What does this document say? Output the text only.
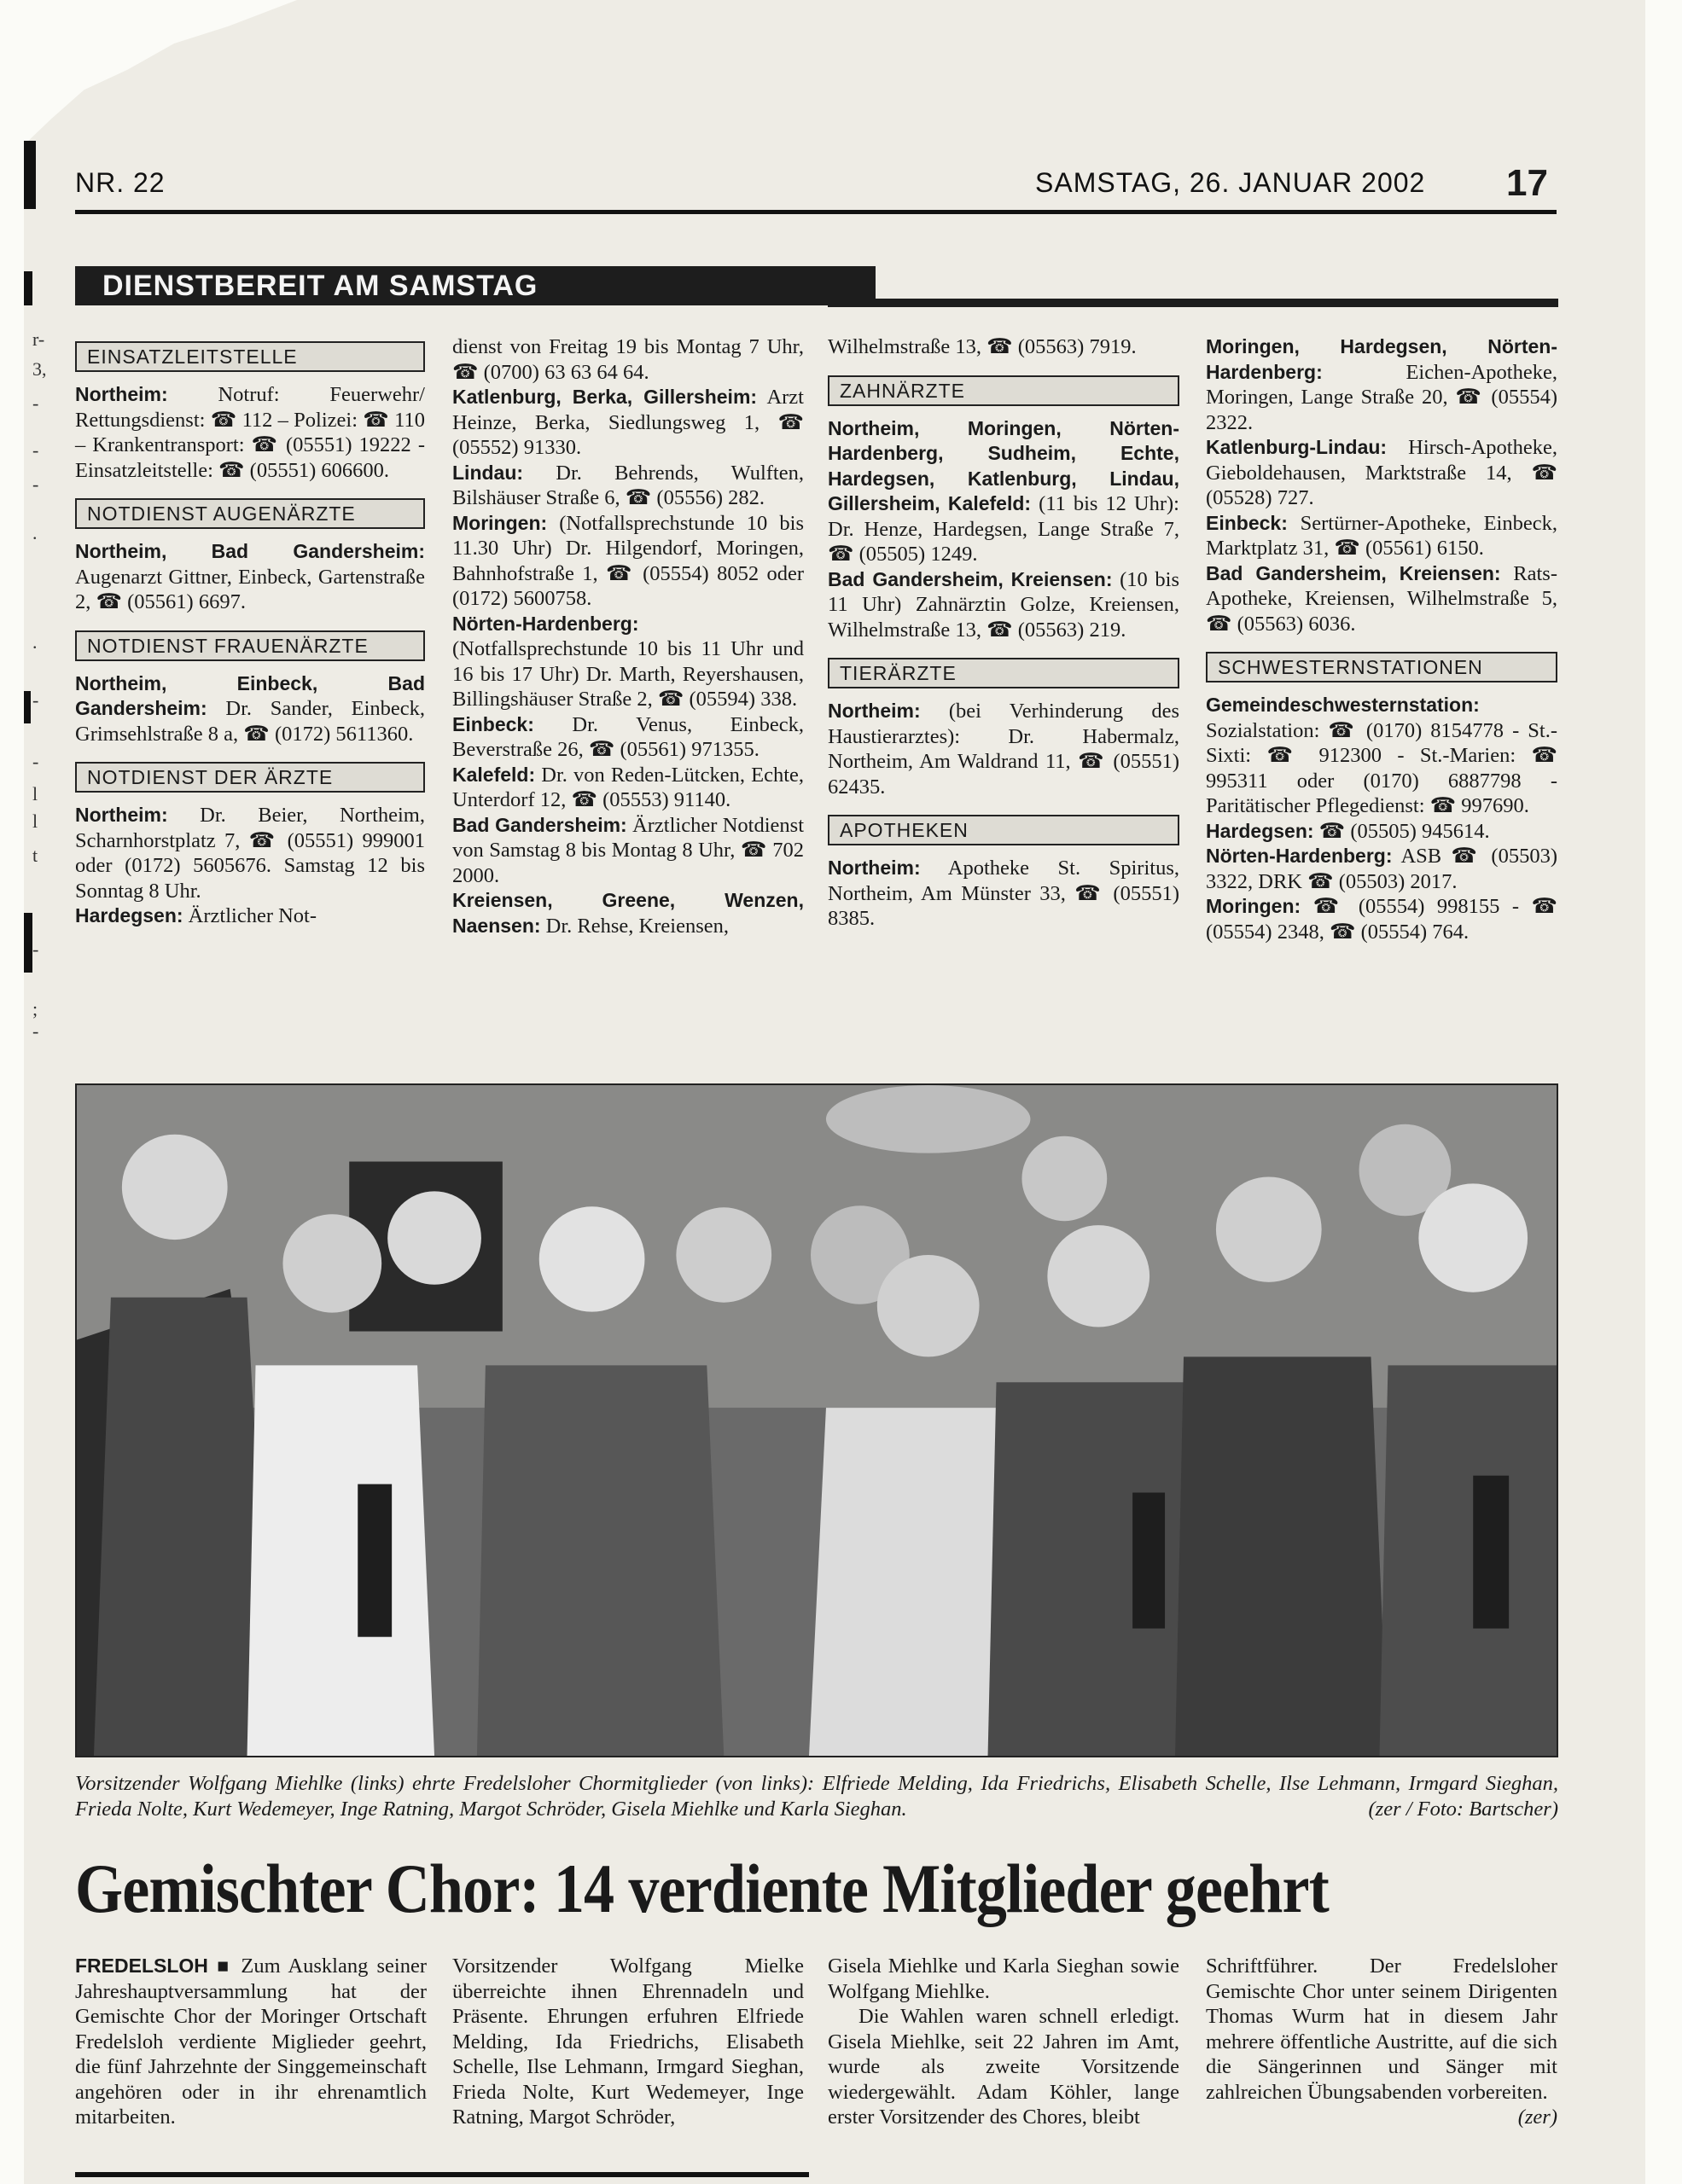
r-
3,
-
-
-
.
.
-
-
l
l
t
-
;
-
NR. 22	SAMSTAG, 26. JANUAR 2002 17
DIENSTBEREIT AM SAMSTAG
EINSATZLEITSTELLE

Northeim: Notruf: Feuerwehr/ Rettungsdienst: ☎ 112 – Polizei: ☎ 110 – Krankentransport: ☎ (05551) 19222 - Einsatzleitstelle: ☎ (05551) 606600.

NOTDIENST AUGENÄRZTE

Northeim, Bad Gandersheim: Augenarzt Gittner, Einbeck, Gartenstraße 2, ☎ (05561) 6697.

NOTDIENST FRAUENÄRZTE

Northeim, Einbeck, Bad Gandersheim: Dr. Sander, Einbeck, Grimsehlstraße 8 a, ☎ (0172) 5611360.

NOTDIENST DER ÄRZTE

Northeim: Dr. Beier, Northeim, Scharnhorstplatz 7, ☎ (05551) 999001 oder (0172) 5605676. Samstag 12 bis Sonntag 8 Uhr.

Hardegsen: Ärztlicher Not-

dienst von Freitag 19 bis Montag 7 Uhr, ☎ (0700) 63 63 64 64.

Katlenburg, Berka, Gillersheim: Arzt Heinze, Berka, Siedlungsweg 1, ☎ (05552) 91330.

Lindau: Dr. Behrends, Wulften, Bilshäuser Straße 6, ☎ (05556) 282.

Moringen: (Notfallsprechstunde 10 bis 11.30 Uhr) Dr. Hilgendorf, Moringen, Bahnhofstraße 1, ☎ (05554) 8052 oder (0172) 5600758.

Nörten-Hardenberg: (Notfallsprechstunde 10 bis 11 Uhr und 16 bis 17 Uhr) Dr. Marth, Reyershausen, Billingshäuser Straße 2, ☎ (05594) 338.

Einbeck: Dr. Venus, Einbeck, Beverstraße 26, ☎ (05561) 971355.

Kalefeld: Dr. von Reden-Lütcken, Echte, Unterdorf 12, ☎ (05553) 91140.

Bad Gandersheim: Ärztlicher Notdienst von Samstag 8 bis Montag 8 Uhr, ☎ 702 2000.

Kreiensen, Greene, Wenzen, Naensen: Dr. Rehse, Kreiensen,

Wilhelmstraße 13, ☎ (05563) 7919.

ZAHNÄRZTE

Northeim, Moringen, Nörten-Hardenberg, Sudheim, Echte, Hardegsen, Katlenburg, Lindau, Gillersheim, Kalefeld: (11 bis 12 Uhr): Dr. Henze, Hardegsen, Lange Straße 7, ☎ (05505) 1249.

Bad Gandersheim, Kreiensen: (10 bis 11 Uhr) Zahnärztin Golze, Kreiensen, Wilhelmstraße 13, ☎ (05563) 219.

TIERÄRZTE

Northeim: (bei Verhinderung des Haustierarztes): Dr. Habermalz, Northeim, Am Waldrand 11, ☎ (05551) 62435.

APOTHEKEN

Northeim: Apotheke St. Spiritus, Northeim, Am Münster 33, ☎ (05551) 8385.

Moringen, Hardegsen, Nörten-Hardenberg: Eichen-Apotheke, Moringen, Lange Straße 20, ☎ (05554) 2322.

Katlenburg-Lindau: Hirsch-Apotheke, Gieboldehausen, Marktstraße 14, ☎ (05528) 727.

Einbeck: Sertürner-Apotheke, Einbeck, Marktplatz 31, ☎ (05561) 6150.

Bad Gandersheim, Kreiensen: Rats-Apotheke, Kreiensen, Wilhelmstraße 5, ☎ (05563) 6036.

SCHWESTERNSTATIONEN

Gemeindeschwesternstation: Sozialstation: ☎ (0170) 8154778 - St.-Sixti: ☎ 912300 - St.-Marien: ☎ 995311 oder (0170) 6887798 - Paritätischer Pflegedienst: ☎ 997690.

Hardegsen: ☎ (05505) 945614.

Nörten-Hardenberg: ASB ☎ (05503) 3322, DRK ☎ (05503) 2017.

Moringen: ☎ (05554) 998155 - ☎ (05554) 2348, ☎ (05554) 764.

Vorsitzender Wolfgang Miehlke (links) ehrte Fredelsloher Chormitglieder (von links): Elfriede Melding, Ida Friedrichs, Elisabeth Schelle, Ilse Lehmann, Irmgard Sieghan, Frieda Nolte, Kurt Wedemeyer, Inge Ratning, Margot Schröder, Gisela Miehlke und Karla Sieghan.	(zer / Foto: Bartscher)
Gemischter Chor: 14 verdiente Mitglieder geehrt
FREDELSLOH ■ Zum Ausklang seiner Jahreshauptversammlung hat der Gemischte Chor der Moringer Ortschaft Fredelsloh verdiente Miglieder geehrt, die fünf Jahrzehnte der Singgemeinschaft angehören oder in ihr ehrenamtlich mitarbeiten.
Vorsitzender Wolfgang Mielke überreichte ihnen Ehrennadeln und Präsente. Ehrungen erfuhren Elfriede Melding, Ida Friedrichs, Elisabeth Schelle, Ilse Lehmann, Irmgard Sieghan, Frieda Nolte, Kurt Wedemeyer, Inge Ratning, Margot Schröder,
Gisela Miehlke und Karla Sieghan sowie Wolfgang Miehlke.
Die Wahlen waren schnell erledigt. Gisela Miehlke, seit 22 Jahren im Amt, wurde als zweite Vorsitzende wiedergewählt. Adam Köhler, lange erster Vorsitzender des Chores, bleibt
Schriftführer. Der Fredelsloher Gemischte Chor unter seinem Dirigenten Thomas Wurm hat in diesem Jahr mehrere öffentliche Austritte, auf die sich die Sängerinnen und Sänger mit zahlreichen Übungsabenden vorbereiten.
(zer)
